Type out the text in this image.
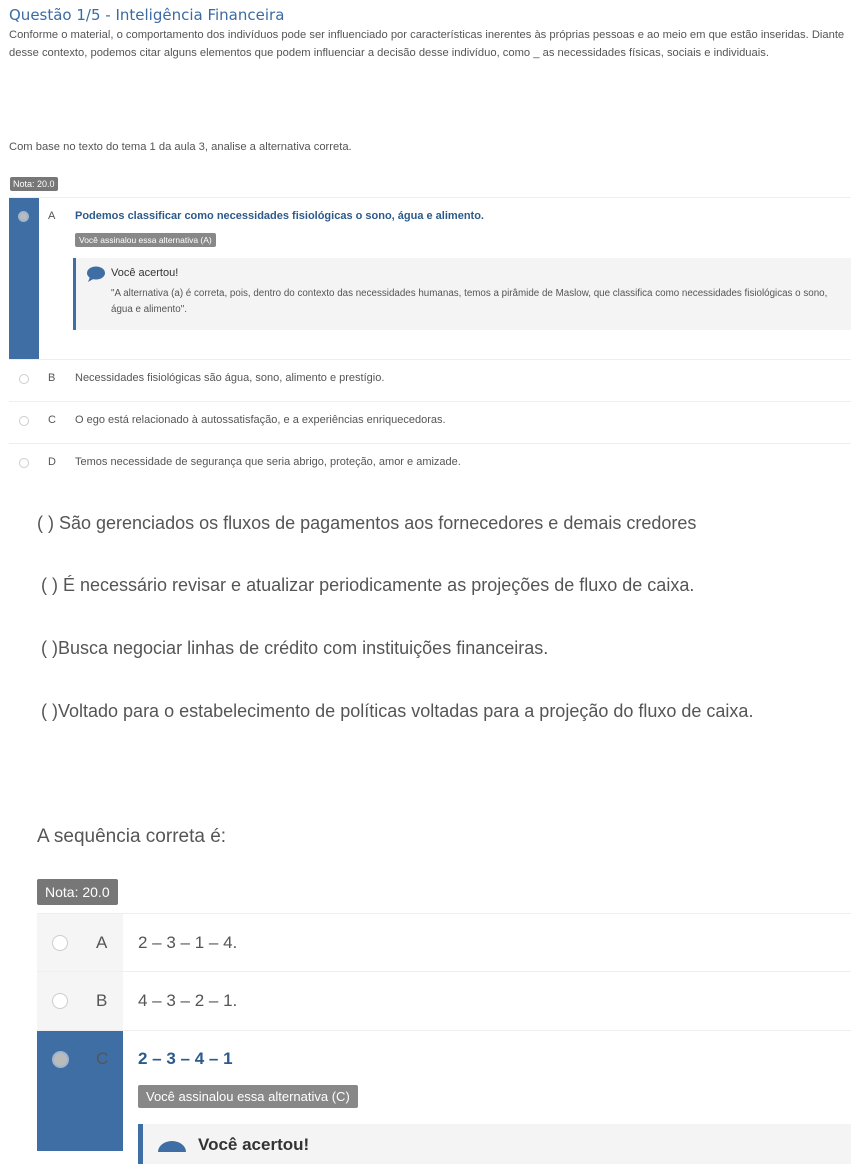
Questão 1/5 - Inteligência Financeira
Conforme o material, o comportamento dos indivíduos pode ser influenciado por características inerentes às próprias pessoas e ao meio em que estão inseridas. Diante desse contexto, podemos citar alguns elementos que podem influenciar a decisão desse indivíduo, como _ as necessidades físicas, sociais e individuais.
Com base no texto do tema 1 da aula 3, analise a alternativa correta.
Nota: 20.0
A Podemos classificar como necessidades fisiológicas o sono, água e alimento.
Você assinalou essa alternativa (A)
Você acertou!
"A alternativa (a) é correta, pois, dentro do contexto das necessidades humanas, temos a pirâmide de Maslow, que classifica como necessidades fisiológicas o sono, água e alimento".
B Necessidades fisiológicas são água, sono, alimento e prestígio.
C O ego está relacionado à autossatisfação, e a experiências enriquecedoras.
D Temos necessidade de segurança que seria abrigo, proteção, amor e amizade.
( ) São gerenciados os fluxos de pagamentos aos fornecedores e demais credores
( ) É necessário revisar e atualizar periodicamente as projeções de fluxo de caixa.
( )Busca negociar linhas de crédito com instituições financeiras.
( )Voltado para o estabelecimento de políticas voltadas para a projeção do fluxo de caixa.
A sequência correta é:
Nota: 20.0
A 2 – 3 – 1 – 4.
B 4 – 3 – 2 – 1.
C 2 – 3 – 4 – 1
Você assinalou essa alternativa (C)
Você acertou!
